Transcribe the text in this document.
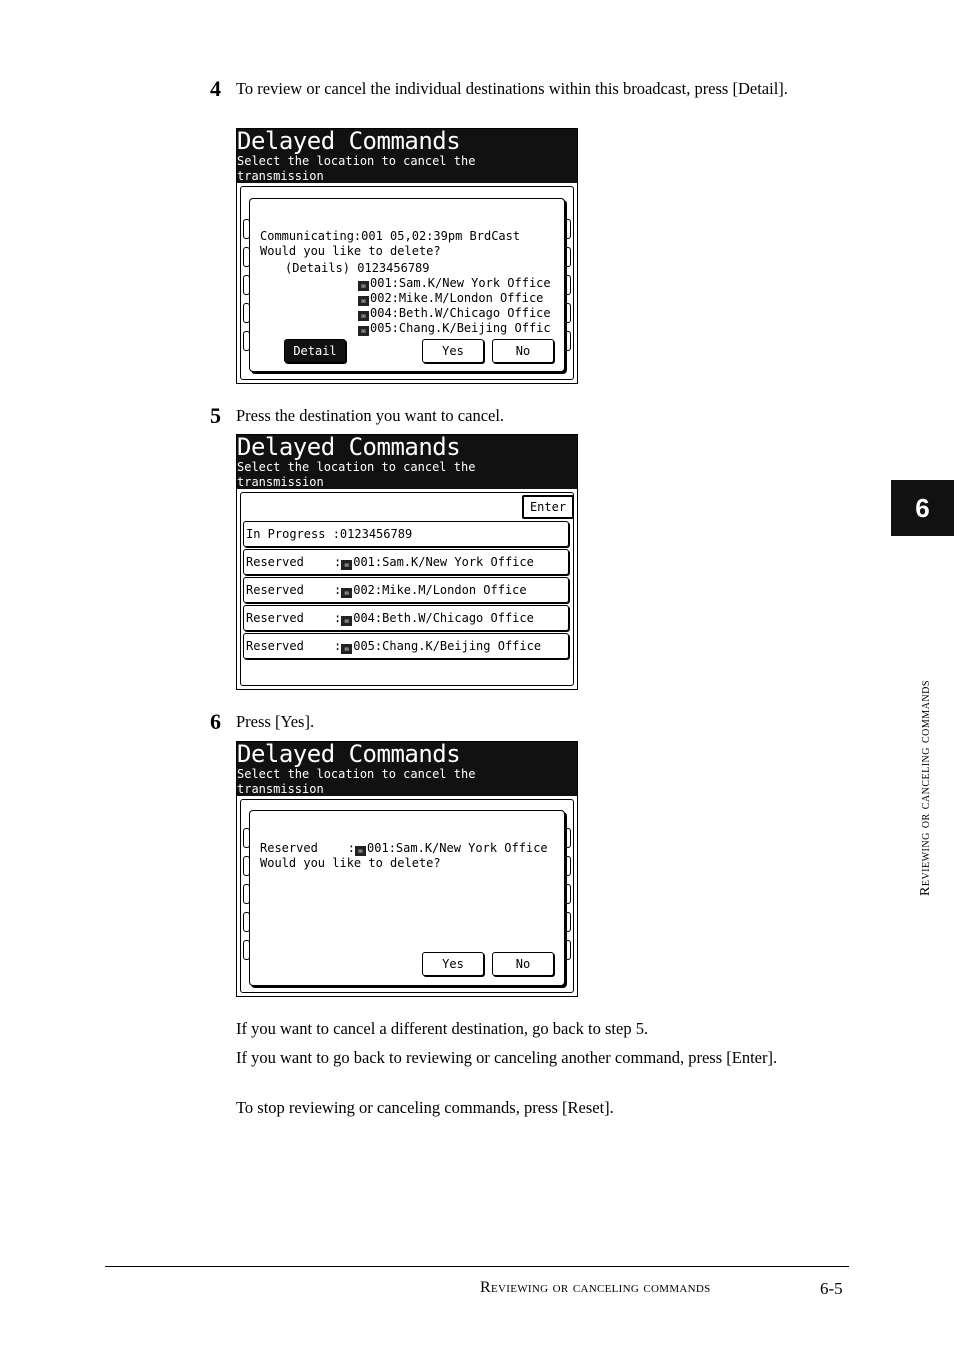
4 To review or cancel the individual destinations within this broadcast, press [Detail].
Delayed Commands
Select the location to cancel the
transmission
Communicating:001 05,02:39pm BrdCast
Would you like to delete?
(Details) 0123456789
✉ 001:Sam.K/New York Office
✉ 002:Mike.M/London Office
✉ 004:Beth.W/Chicago Office
✉ 005:Chang.K/Beijing Offic
Detail	Yes	No
5 Press the destination you want to cancel.
Delayed Commands
Select the location to cancel the
transmission
Enter
In Progress :0123456789
Reserved	: ✉ 001:Sam.K/New York Office
Reserved	: ✉ 002:Mike.M/London Office
Reserved	: ✉ 004:Beth.W/Chicago Office
Reserved	: ✉ 005:Chang.K/Beijing Office
6 Press [Yes].
Delayed Commands
Select the location to cancel the
transmission
Reserved	: ✉ 001:Sam.K/New York Office
Would you like to delete?
Yes	No
If you want to cancel a different destination, go back to step 5.
If you want to go back to reviewing or canceling another command, press [Enter].
To stop reviewing or canceling commands, press [Reset].
6
Reviewing or canceling commands
Reviewing or canceling commands	6-5
